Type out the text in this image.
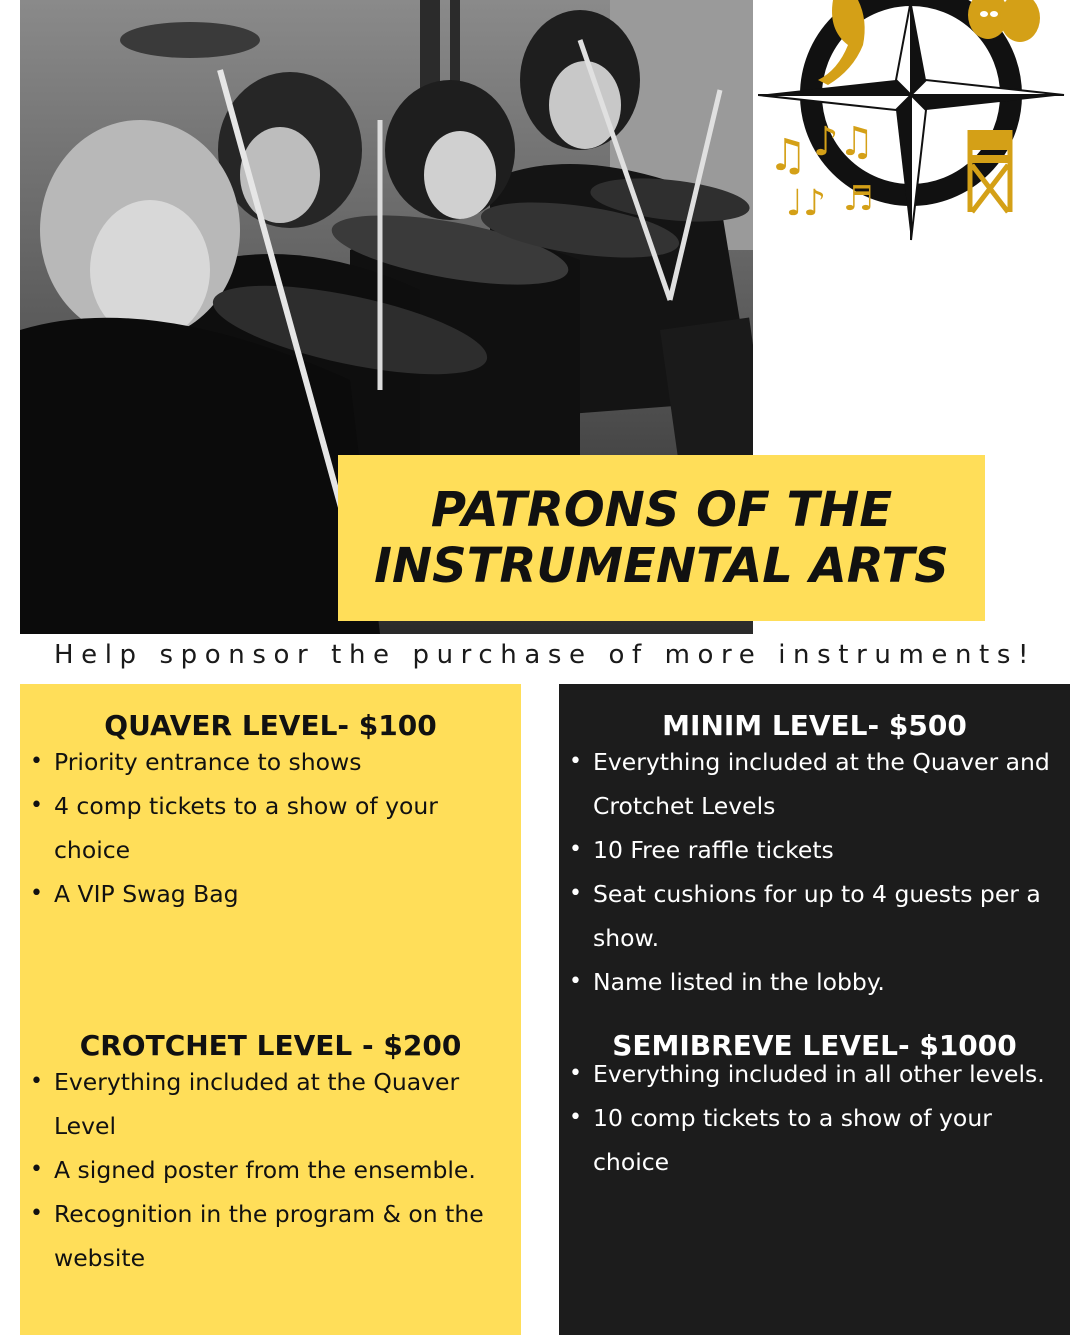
♫ ♪♫
♩♪ ♬
PATRONS OF THE
INSTRUMENTAL ARTS
Help sponsor the purchase of more instruments!
QUAVER LEVEL- $100
• Priority entrance to shows
• 4 comp tickets to a show of your choice
• A VIP Swag Bag
CROTCHET LEVEL - $200
• Everything included at the Quaver Level
• A signed poster from the ensemble.
• Recognition in the program & on the website
MINIM LEVEL- $500
• Everything included at the Quaver and Crotchet Levels
• 10 Free raffle tickets
• Seat cushions for up to 4 guests per a show.
• Name listed in the lobby.
SEMIBREVE LEVEL- $1000
• Everything included in all other levels.
• 10 comp tickets to a show of your choice
